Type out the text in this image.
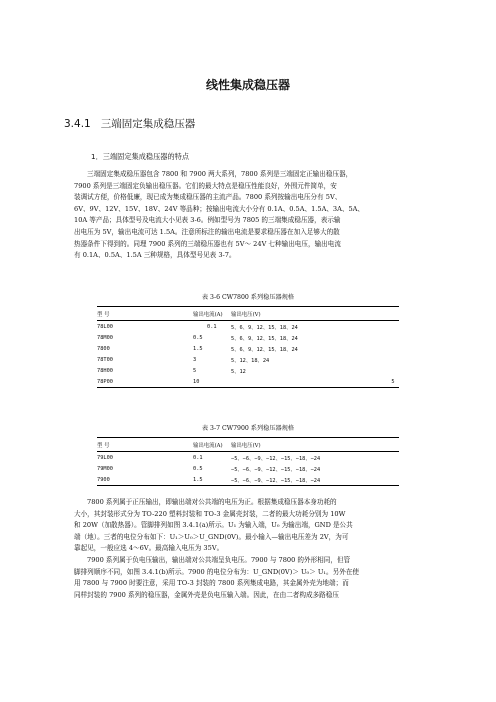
线性集成稳压器
3.4.1 三端固定集成稳压器
1．三端固定集成稳压器的特点
三端固定集成稳压器包含 7800 和 7900 两大系列，7800 系列是三端固定正输出稳压器，
7900 系列是三端固定负输出稳压器。它们的最大特点是稳压性能良好，外围元件简单，安
装调试方便，价格低廉，现已成为集成稳压器的主流产品。7800 系列按输出电压分有 5V、
6V、9V、12V、15V、18V、24V 等品种；按输出电流大小分有 0.1A、0.5A、1.5A、3A、5A、
10A 等产品；具体型号及电流大小见表 3-6。例如型号为 7805 的三端集成稳压器，表示输
出电压为 5V，输出电流可达 1.5A。注意所标注的输出电流是要求稳压器在加入足够大的散
热器条件下得到的。同理 7900 系列的三端稳压器也有 5V～ 24V 七种输出电压，输出电流
有 0.1A、0.5A、1.5A 三种规格，具体型号见表 3-7。
表 3-6 CW7800 系列稳压器规格
型 号	输出电流(A)	输出电压(V)	
78L00	0.1	5、6、9、12、15、18、24	
78M00	0.5	5、6、9、12、15、18、24	
7800	1.5	5、6、9、12、15、18、24	
78T00	3	5、12、18、24	
78H00	5	5、12	
78P00	10		5
表 3-7 CW7900 系列稳压器规格
型 号	输出电流(A)	输出电压(V)
79L00	0.1	−5、−6、−9、−12、−15、−18、−24
79M00	0.5	−5、−6、−9、−12、−15、−18、−24
7900	1.5	−5、−6、−9、−12、−15、−18、−24
7800 系列属于正压输出，即输出端对公共端的电压为正。根据集成稳压器本身功耗的
大小，其封装形式分为 TO-220 塑料封装和 TO-3 金属壳封装，二者的最大功耗分别为 10W
和 20W（加散热器）。管脚排列如图 3.4.1(a)所示。U₁ 为输入端，U₀ 为输出端，GND 是公共
端（地）。三者的电位分布如下：U₁＞U₀＞U_GND(0V)。最小输入—输出电压差为 2V，为可
靠起见，一般应选 4～6V。最高输入电压为 35V。
7900 系列属于负电压输出，输出端对公共端呈负电压。7900 与 7800 的外形相同，但管
脚排列顺序不同，如图 3.4.1(b)所示。7900 的电位分布为：U_GND(0V)＞ U₀＞ U₁。另外在使
用 7800 与 7900 时要注意，采用 TO-3 封装的 7800 系列集成电路，其金属外壳为地端；而
同样封装的 7900 系列的稳压器，金属外壳是负电压输入端。因此，在由二者构成多路稳压
